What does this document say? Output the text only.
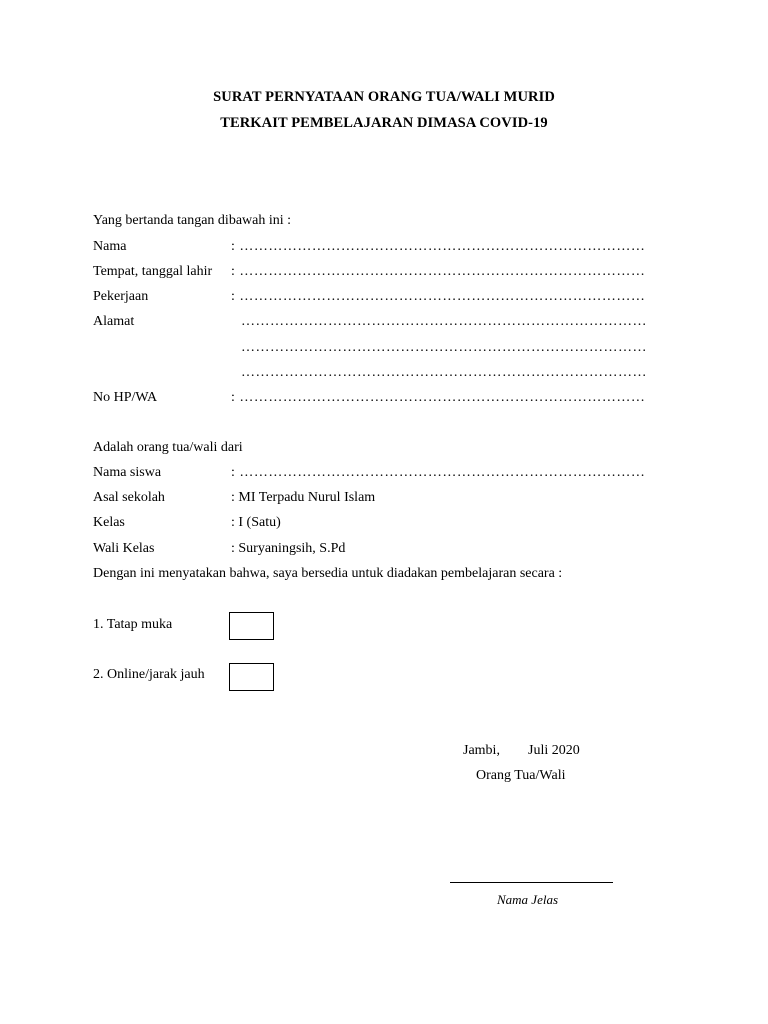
SURAT PERNYATAAN ORANG TUA/WALI MURID
TERKAIT PEMBELAJARAN DIMASA COVID-19
Yang bertanda tangan dibawah ini :
Nama	: …………………………………………………………………………
Tempat, tanggal lahir : …………………………………………………………………………
Pekerjaan	: …………………………………………………………………………
Alamat	…………………………………………………………………………
…………………………………………………………………………
…………………………………………………………………………
No HP/WA	: …………………………………………………………………………
Adalah orang tua/wali dari
Nama siswa	: …………………………………………………………………………
Asal sekolah	: MI Terpadu Nurul Islam
Kelas	: I (Satu)
Wali Kelas	: Suryaningsih, S.Pd
Dengan ini menyatakan bahwa, saya bersedia untuk diadakan pembelajaran secara :
1. Tatap muka
2. Online/jarak jauh
Jambi, Juli 2020
Orang Tua/Wali
Nama Jelas
